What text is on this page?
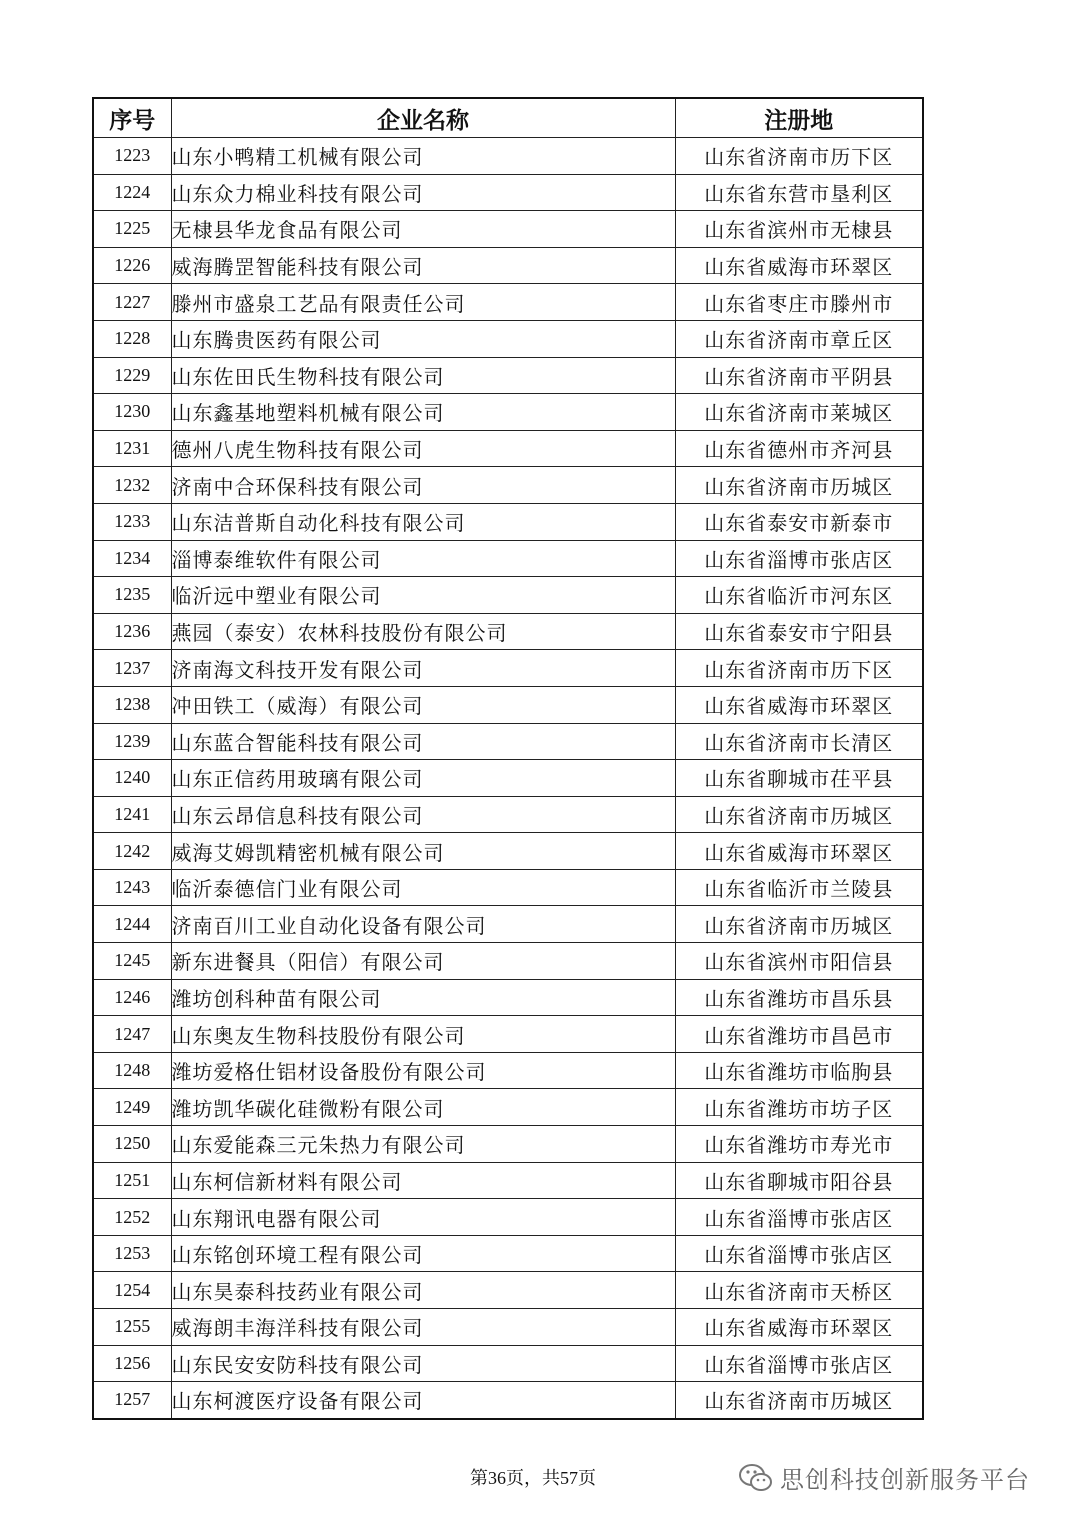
序号	企业名称	注册地
1223	山东小鸭精工机械有限公司	山东省济南市历下区
1224	山东众力棉业科技有限公司	山东省东营市垦利区
1225	无棣县华龙食品有限公司	山东省滨州市无棣县
1226	威海腾罡智能科技有限公司	山东省威海市环翠区
1227	滕州市盛泉工艺品有限责任公司	山东省枣庄市滕州市
1228	山东腾贵医药有限公司	山东省济南市章丘区
1229	山东佐田氏生物科技有限公司	山东省济南市平阴县
1230	山东鑫基地塑料机械有限公司	山东省济南市莱城区
1231	德州八虎生物科技有限公司	山东省德州市齐河县
1232	济南中合环保科技有限公司	山东省济南市历城区
1233	山东洁普斯自动化科技有限公司	山东省泰安市新泰市
1234	淄博泰维软件有限公司	山东省淄博市张店区
1235	临沂远中塑业有限公司	山东省临沂市河东区
1236	燕园（泰安）农林科技股份有限公司	山东省泰安市宁阳县
1237	济南海文科技开发有限公司	山东省济南市历下区
1238	冲田铁工（威海）有限公司	山东省威海市环翠区
1239	山东蓝合智能科技有限公司	山东省济南市长清区
1240	山东正信药用玻璃有限公司	山东省聊城市茌平县
1241	山东云昂信息科技有限公司	山东省济南市历城区
1242	威海艾姆凯精密机械有限公司	山东省威海市环翠区
1243	临沂泰德信门业有限公司	山东省临沂市兰陵县
1244	济南百川工业自动化设备有限公司	山东省济南市历城区
1245	新东进餐具（阳信）有限公司	山东省滨州市阳信县
1246	潍坊创科种苗有限公司	山东省潍坊市昌乐县
1247	山东奥友生物科技股份有限公司	山东省潍坊市昌邑市
1248	潍坊爱格仕铝材设备股份有限公司	山东省潍坊市临朐县
1249	潍坊凯华碳化硅微粉有限公司	山东省潍坊市坊子区
1250	山东爱能森三元朱热力有限公司	山东省潍坊市寿光市
1251	山东柯信新材料有限公司	山东省聊城市阳谷县
1252	山东翔讯电器有限公司	山东省淄博市张店区
1253	山东铭创环境工程有限公司	山东省淄博市张店区
1254	山东昊泰科技药业有限公司	山东省济南市天桥区
1255	威海朗丰海洋科技有限公司	山东省威海市环翠区
1256	山东民安安防科技有限公司	山东省淄博市张店区
1257	山东柯渡医疗设备有限公司	山东省济南市历城区
第36页，共57页	思创科技创新服务平台
